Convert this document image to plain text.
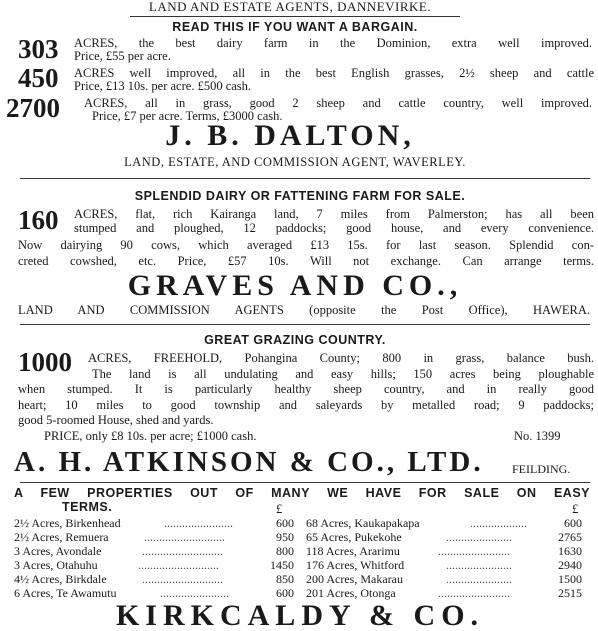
LAND AND ESTATE AGENTS, DANNEVIRKE.
READ THIS IF YOU WANT A BARGAIN.
303 ACRES, the best dairy farm in the Dominion, extra well improved.
Price, £55 per acre.
450 ACRES well improved, all in the best English grasses, 2½ sheep and cattle
Price, £13 10s. per acre. £500 cash.
2700 ACRES, all in grass, good 2 sheep and cattle country, well improved.
Price, £7 per acre. Terms, £3000 cash.
J. B. DALTON,
LAND, ESTATE, AND COMMISSION AGENT, WAVERLEY.
SPLENDID DAIRY OR FATTENING FARM FOR SALE.
160 ACRES, flat, rich Kairanga land, 7 miles from Palmerston; has all been
stumped and ploughed, 12 paddocks; good house, and every convenience.
Now dairying 90 cows, which averaged £13 15s. for last season. Splendid con-
creted cowshed, etc. Price, £57 10s. Will not exchange. Can arrange terms.
GRAVES AND CO.,
LAND AND COMMISSION AGENTS (opposite the Post Office), HAWERA.
GREAT GRAZING COUNTRY.
1000 ACRES, FREEHOLD, Pohangina County; 800 in grass, balance bush.
The land is all undulating and easy hills; 150 acres being ploughable
when stumped. It is particularly healthy sheep country, and in really good
heart; 10 miles to good township and saleyards by metalled road; 9 paddocks;
good 5-roomed House, shed and yards.
PRICE, only £8 10s. per acre; £1000 cash.	No. 1399
A. H. ATKINSON & CO., LTD.	FEILDING.
A FEW PROPERTIES OUT OF MANY WE HAVE FOR SALE ON EASY
TERMS.	£	£
2½ Acres, Birkenhead	.......................	600
2½ Acres, Remuera	...........................	950
3 Acres, Avondale	...........................	800
3 Acres, Otahuhu	...........................	1450
4½ Acres, Birkdale	...........................	850
6 Acres, Te Awamutu	.......................	600
68 Acres, Kaukapakapa	...................	600
65 Acres, Pukekohe	......................	2765
118 Acres, Ararimu	........................	1630
176 Acres, Whitford	......................	2940
200 Acres, Makarau	......................	1500
201 Acres, Otonga	........................	2515
KIRKCALDY & CO.
